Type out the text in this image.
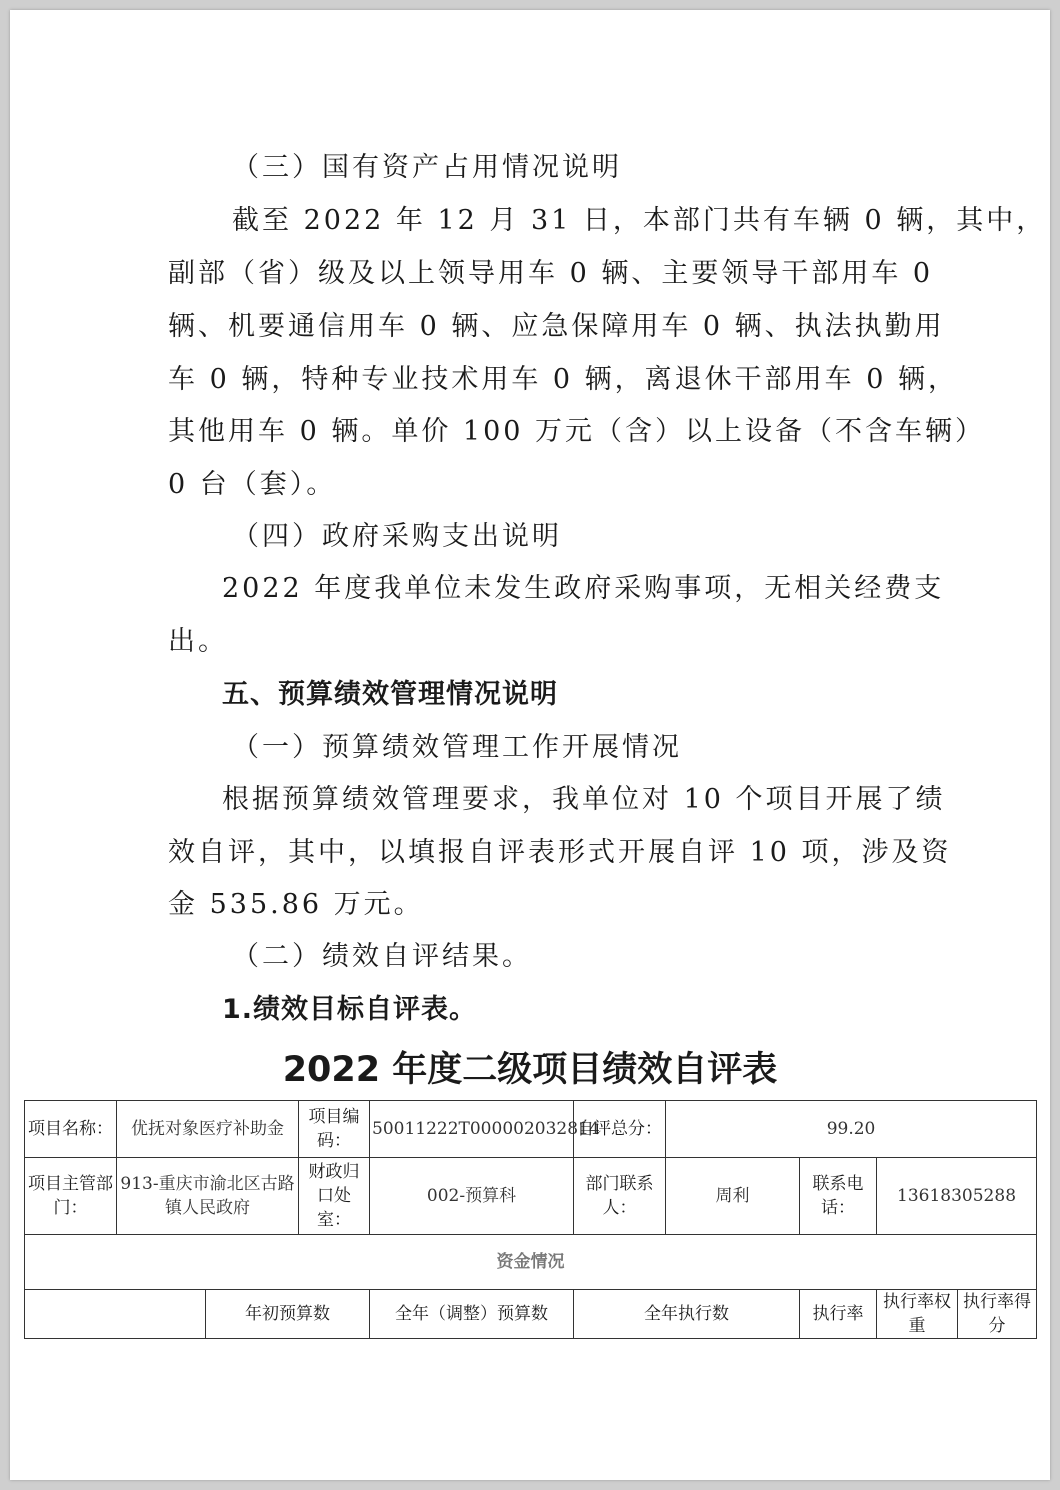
（三）国有资产占用情况说明
截至 2022 年 12 月 31 日，本部门共有车辆 0 辆，其中，
副部（省）级及以上领导用车 0 辆、主要领导干部用车 0
辆、机要通信用车 0 辆、应急保障用车 0 辆、执法执勤用
车 0 辆，特种专业技术用车 0 辆，离退休干部用车 0 辆，
其他用车 0 辆。单价 100 万元（含）以上设备（不含车辆）
0 台（套）。
（四）政府采购支出说明
2022 年度我单位未发生政府采购事项，无相关经费支
出。
五、预算绩效管理情况说明
（一）预算绩效管理工作开展情况
根据预算绩效管理要求，我单位对 10 个项目开展了绩
效自评，其中，以填报自评表形式开展自评 10 项，涉及资
金 535.86 万元。
（二）绩效自评结果。
1.绩效目标自评表。
2022 年度二级项目绩效自评表
项目名称：	优抚对象医疗补助金		项目编码：	50011222T000002032814	自评总分：	99.20			
项目主管部门：	913-重庆市渝北区古路镇人民政府		财政归口处室：	002-预算科	部门联系人：	周利	联系电话：	13618305288	
资金情况									
		年初预算数		全年（调整）预算数	全年执行数		执行率	执行率权重	执行率得分
